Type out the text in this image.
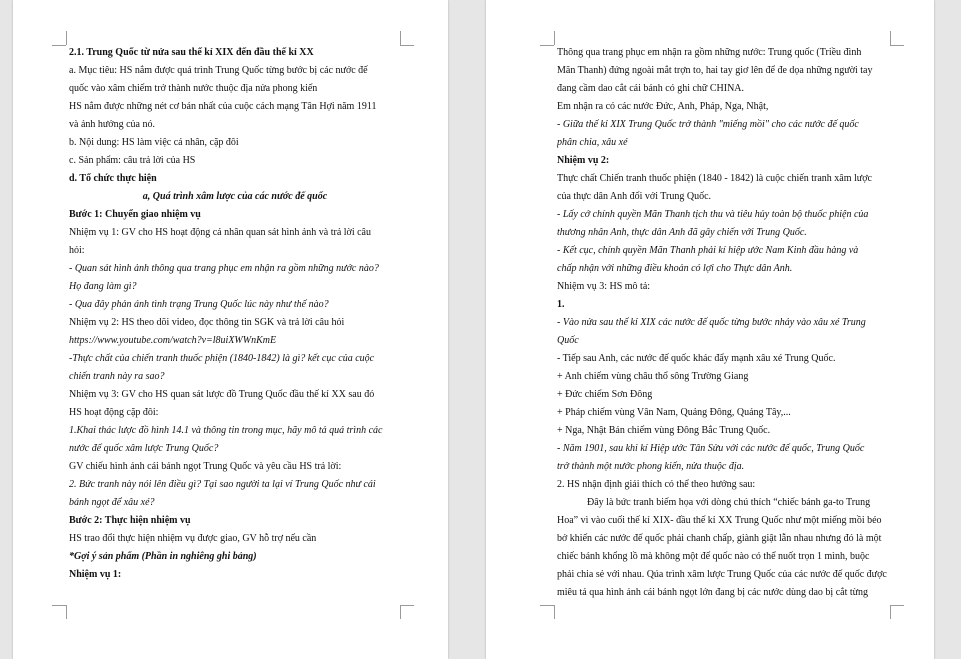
2.1. Trung Quốc từ nửa sau thế kỉ XIX đến đầu thế kỉ XX
a. Mục tiêu: HS nắm được quá trình Trung Quốc từng bước bị các nước đế
quốc vào xâm chiếm trở thành nước thuộc địa nửa phong kiến
HS nắm được những nét cơ bản nhất của cuộc cách mạng Tân Hợi năm 1911
và ảnh hưởng của nó.
b. Nội dung: HS làm việc cá nhân, cặp đôi
c. Sản phẩm: câu trả lời của HS
d. Tổ chức thực hiện
a, Quá trình xâm lược của các nước đế quốc
Bước 1: Chuyển giao nhiệm vụ
Nhiệm vụ 1: GV cho HS hoạt động cá nhân quan sát hình ảnh và trả lời câu
hỏi:
- Quan sát hình ảnh thông qua trang phục em nhận ra gồm những nước nào?
Họ đang làm gì?
- Qua đây phản ánh tình trạng Trung Quốc lúc này như thế nào?
Nhiệm vụ 2: HS theo dõi video, đọc thông tin SGK và trả lời câu hỏi
https://www.youtube.com/watch?v=l8uiXWWnKmE
-Thực chất của chiến tranh thuốc phiện (1840-1842) là gì? kết cục của cuộc
chiến tranh này ra sao?
Nhiệm vụ 3: GV cho HS quan sát lược đồ Trung Quốc đầu thế kỉ XX sau đó
HS hoạt động cặp đôi:
1.Khai thác lược đồ hình 14.1 và thông tin trong mục, hãy mô tả quá trình các
nước đế quốc xâm lược Trung Quốc?
GV chiếu hình ảnh cái bánh ngọt Trung Quốc và yêu cầu HS trả lời:
2. Bức tranh này nói lên điều gì? Tại sao người ta lại ví Trung Quốc như cái
bánh ngọt để xâu xé?
Bước 2: Thực hiện nhiệm vụ
HS trao đổi thực hiện nhiệm vụ được giao, GV hỗ trợ nếu cần
*Gợi ý sản phẩm (Phần in nghiêng ghi bảng)
Nhiệm vụ 1:
Thông qua trang phục em nhận ra gồm những nước: Trung quốc (Triều đình
Mãn Thanh) đứng ngoài mắt trợn to, hai tay giơ lên để đe dọa những người tay
đang cầm dao cắt cái bánh có ghi chữ CHINA.
Em nhận ra có các nước Đức, Anh, Pháp, Nga, Nhật,
- Giữa thế kỉ XIX Trung Quốc trở thành "miếng mồi" cho các nước đế quốc
phân chia, xâu xé
Nhiệm vụ 2:
Thực chất Chiến tranh thuốc phiện (1840 - 1842) là cuộc chiến tranh xâm lược
của thực dân Anh đối với Trung Quốc.
- Lấy cớ chính quyền Mãn Thanh tịch thu và tiêu hủy toàn bộ thuốc phiện của
thương nhân Anh, thực dân Anh đã gây chiến với Trung Quốc.
- Kết cục, chính quyền Mãn Thanh phải kí hiệp ước Nam Kinh đầu hàng và
chấp nhận với những điều khoản có lợi cho Thực dân Anh.
Nhiệm vụ 3: HS mô tả:
1.
- Vào nửa sau thế kỉ XIX các nước đế quốc từng bước nhảy vào xâu xé Trung
Quốc
- Tiếp sau Anh, các nước đế quốc khác đẩy mạnh xâu xé Trung Quốc.
+ Anh chiếm vùng châu thổ sông Trường Giang
+ Đức chiếm Sơn Đông
+ Pháp chiếm vùng Vân Nam, Quảng Đông, Quảng Tây,...
+ Nga, Nhật Bản chiếm vùng Đông Bắc Trung Quốc.
- Năm 1901, sau khi kí Hiệp ước Tân Sửu với các nước đế quốc, Trung Quốc
trở thành một nước phong kiến, nửa thuộc địa.
2. HS nhận định giải thích có thể theo hướng sau:
Đây là bức tranh biếm họa với dòng chú thích “chiếc bánh ga-to Trung
Hoa” vì vào cuối thế kỉ XIX- đầu thế kỉ XX Trung Quốc như một miếng mồi béo
bở khiến các nước đế quốc phải chanh chấp, giành giật lẫn nhau nhưng đó là một
chiếc bánh khổng lồ mà không một đế quốc nào có thể nuốt trọn 1 mình, buộc
phải chia sẻ với nhau. Qúa trình xâm lược Trung Quốc của các nước đế quốc được
miêu tả qua hình ảnh cái bánh ngọt lớn đang bị các nước dùng dao bị cắt từng
